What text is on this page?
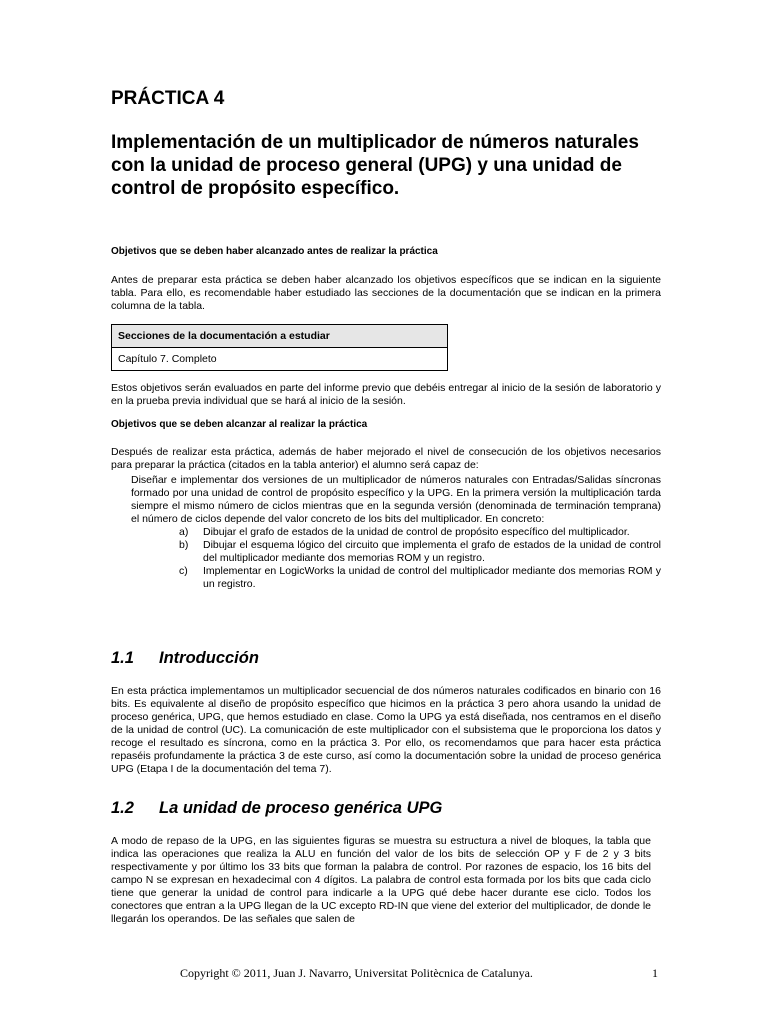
PRÁCTICA 4
Implementación de un multiplicador de números naturales con la unidad de proceso general (UPG) y una unidad de control de propósito específico.

Objetivos que se deben haber alcanzado antes de realizar la práctica

Antes de preparar esta práctica se deben haber alcanzado los objetivos específicos que se indican en la siguiente tabla. Para ello, es recomendable haber estudiado las secciones de la documentación que se indican en la primera columna de la tabla.

Secciones de la documentación a estudiar
Capítulo 7. Completo

Estos objetivos serán evaluados en parte del informe previo que debéis entregar al inicio de la sesión de laboratorio y en la prueba previa individual que se hará al inicio de la sesión.

Objetivos que se deben alcanzar al realizar la práctica

Después de realizar esta práctica, además de haber mejorado el nivel de consecución de los objetivos necesarios para preparar la práctica (citados en la tabla anterior) el alumno será capaz de:

Diseñar e implementar dos versiones de un multiplicador de números naturales con Entradas/Salidas síncronas formado por una unidad de control de propósito específico y la UPG. En la primera versión la multiplicación tarda siempre el mismo número de ciclos mientras que en la segunda versión (denominada de terminación temprana) el número de ciclos depende del valor concreto de los bits del multiplicador. En concreto:

a) Dibujar el grafo de estados de la unidad de control de propósito específico del multiplicador.
b) Dibujar el esquema lógico del circuito que implementa el grafo de estados de la unidad de control del multiplicador mediante dos memorias ROM y un registro.
c) Implementar en LogicWorks la unidad de control del multiplicador mediante dos memorias ROM y un registro.
1.1 Introducción

En esta práctica implementamos un multiplicador secuencial de dos números naturales codificados en binario con 16 bits. Es equivalente al diseño de propósito específico que hicimos en la práctica 3 pero ahora usando la unidad de proceso genérica, UPG, que hemos estudiado en clase. Como la UPG ya está diseñada, nos centramos en el diseño de la unidad de control (UC). La comunicación de este multiplicador con el subsistema que le proporciona los datos y recoge el resultado es síncrona, como en la práctica 3. Por ello, os recomendamos que para hacer esta práctica repaséis profundamente la práctica 3 de este curso, así como la documentación sobre la unidad de proceso genérica UPG (Etapa I de la documentación del tema 7).

1.2 La unidad de proceso genérica UPG

A modo de repaso de la UPG, en las siguientes figuras se muestra su estructura a nivel de bloques, la tabla que indica las operaciones que realiza la ALU en función del valor de los bits de selección OP y F de 2 y 3 bits respectivamente y por último los 33 bits que forman la palabra de control. Por razones de espacio, los 16 bits del campo N se expresan en hexadecimal con 4 dígitos. La palabra de control esta formada por los bits que cada ciclo tiene que generar la unidad de control para indicarle a la UPG qué debe hacer durante ese ciclo. Todos los conectores que entran a la UPG llegan de la UC excepto RD-IN que viene del exterior del multiplicador, de donde le llegarán los operandos. De las señales que salen de

Copyright © 2011, Juan J. Navarro, Universitat Politècnica de Catalunya.	1
